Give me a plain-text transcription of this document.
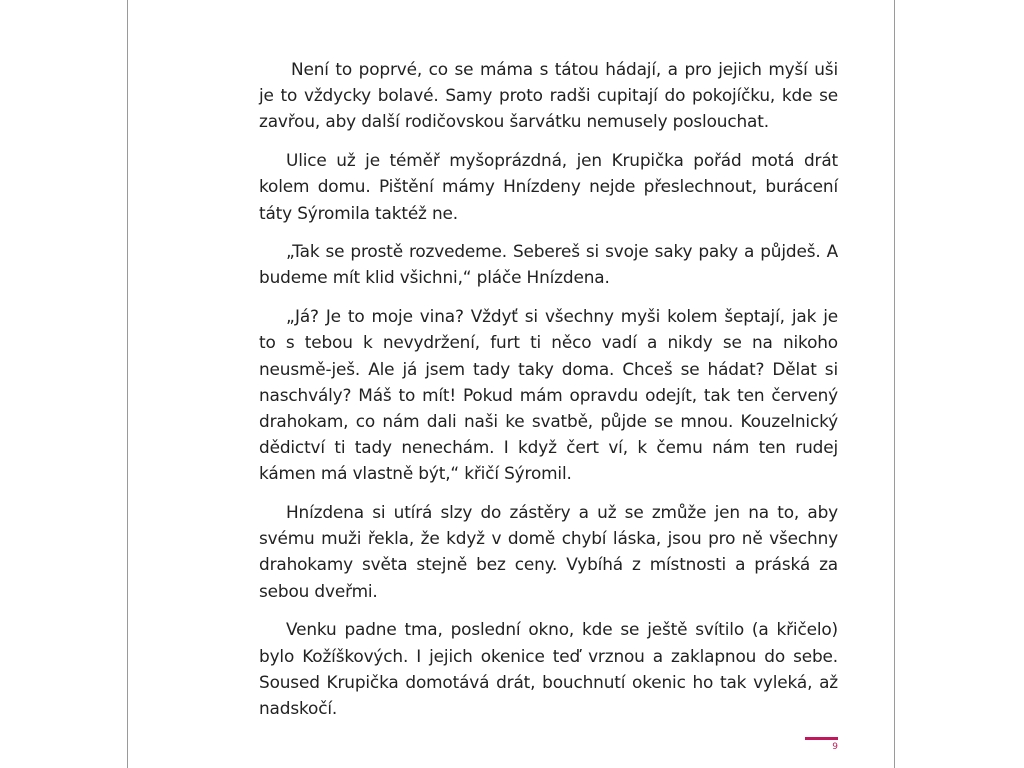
Není to poprvé, co se máma s tátou hádají, a pro jejich myší uši je to vždycky bolavé. Samy proto radši cupitají do pokojíčku, kde se zavřou, aby další rodičovskou šarvátku nemusely poslouchat.

Ulice už je téměř myšoprázdná, jen Krupička pořád motá drát kolem domu. Pištění mámy Hnízdeny nejde přeslechnout, burácení táty Sýromila taktéž ne.

„Tak se prostě rozvedeme. Sebereš si svoje saky paky a půjdeš. A budeme mít klid všichni,“ pláče Hnízdena.

„Já? Je to moje vina? Vždyť si všechny myši kolem šeptají, jak je to s tebou k nevydržení, furt ti něco vadí a nikdy se na nikoho neusmě-ješ. Ale já jsem tady taky doma. Chceš se hádat? Dělat si naschvály? Máš to mít! Pokud mám opravdu odejít, tak ten červený drahokam, co nám dali naši ke svatbě, půjde se mnou. Kouzelnický dědictví ti tady nenechám. I když čert ví, k čemu nám ten rudej kámen má vlastně být,“ křičí Sýromil.

Hnízdena si utírá slzy do zástěry a už se zmůže jen na to, aby svému muži řekla, že když v domě chybí láska, jsou pro ně všechny drahokamy světa stejně bez ceny. Vybíhá z místnosti a práská za sebou dveřmi.

Venku padne tma, poslední okno, kde se ještě svítilo (a křičelo) bylo Kožíškových. I jejich okenice teď vrznou a zaklapnou do sebe. Soused Krupička domotává drát, bouchnutí okenic ho tak vyleká, až nadskočí.

9
